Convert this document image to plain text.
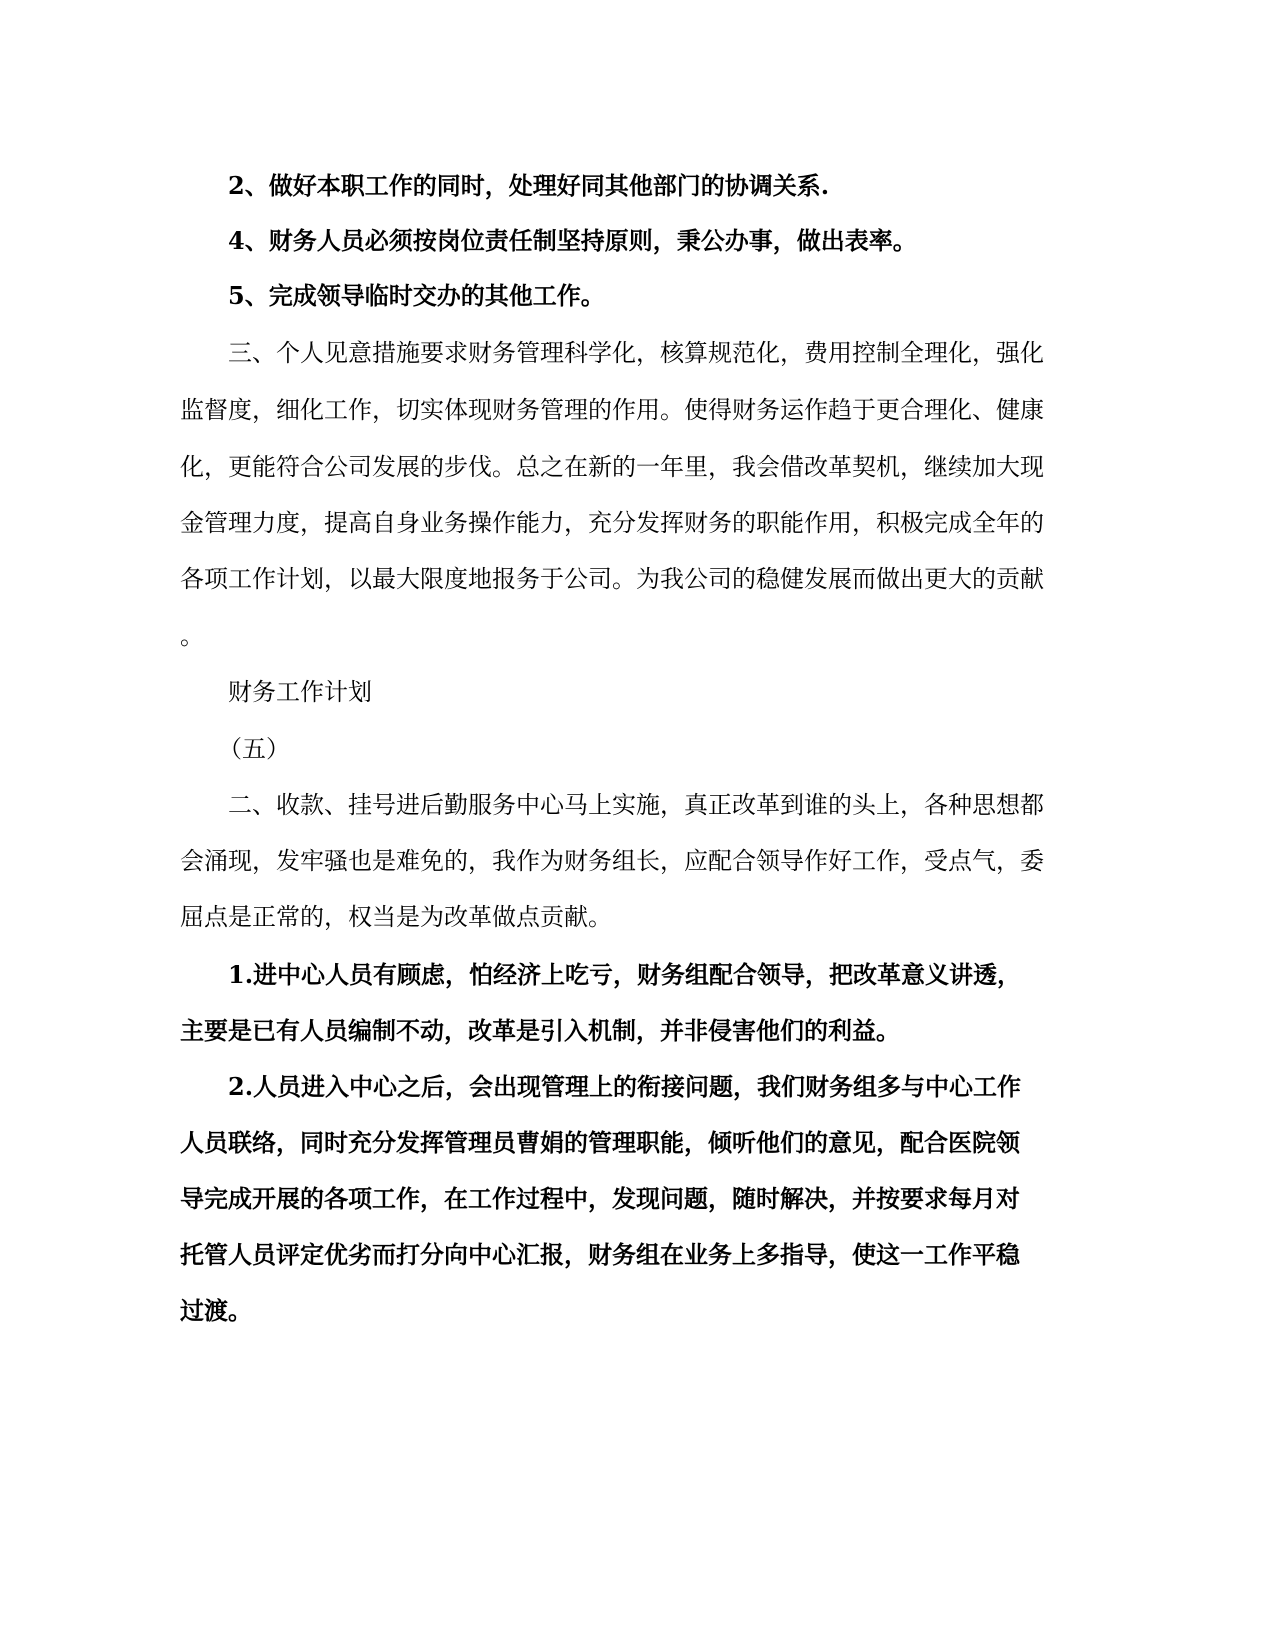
2、做好本职工作的同时，处理好同其他部门的协调关系.
4、财务人员必须按岗位责任制坚持原则，秉公办事，做出表率。
5、完成领导临时交办的其他工作。
三、个人见意措施要求财务管理科学化，核算规范化，费用控制全理化，强化
监督度，细化工作，切实体现财务管理的作用。使得财务运作趋于更合理化、健康
化，更能符合公司发展的步伐。总之在新的一年里，我会借改革契机，继续加大现
金管理力度，提高自身业务操作能力，充分发挥财务的职能作用，积极完成全年的
各项工作计划，以最大限度地报务于公司。为我公司的稳健发展而做出更大的贡献
。
财务工作计划
（五）
二、收款、挂号进后勤服务中心马上实施，真正改革到谁的头上，各种思想都
会涌现，发牢骚也是难免的，我作为财务组长，应配合领导作好工作，受点气，委
屈点是正常的，权当是为改革做点贡献。
1.进中心人员有顾虑，怕经济上吃亏，财务组配合领导，把改革意义讲透，
主要是已有人员编制不动，改革是引入机制，并非侵害他们的利益。
2.人员进入中心之后，会出现管理上的衔接问题，我们财务组多与中心工作
人员联络，同时充分发挥管理员曹娟的管理职能，倾听他们的意见，配合医院领
导完成开展的各项工作，在工作过程中，发现问题，随时解决，并按要求每月对
托管人员评定优劣而打分向中心汇报，财务组在业务上多指导，使这一工作平稳
过渡。
